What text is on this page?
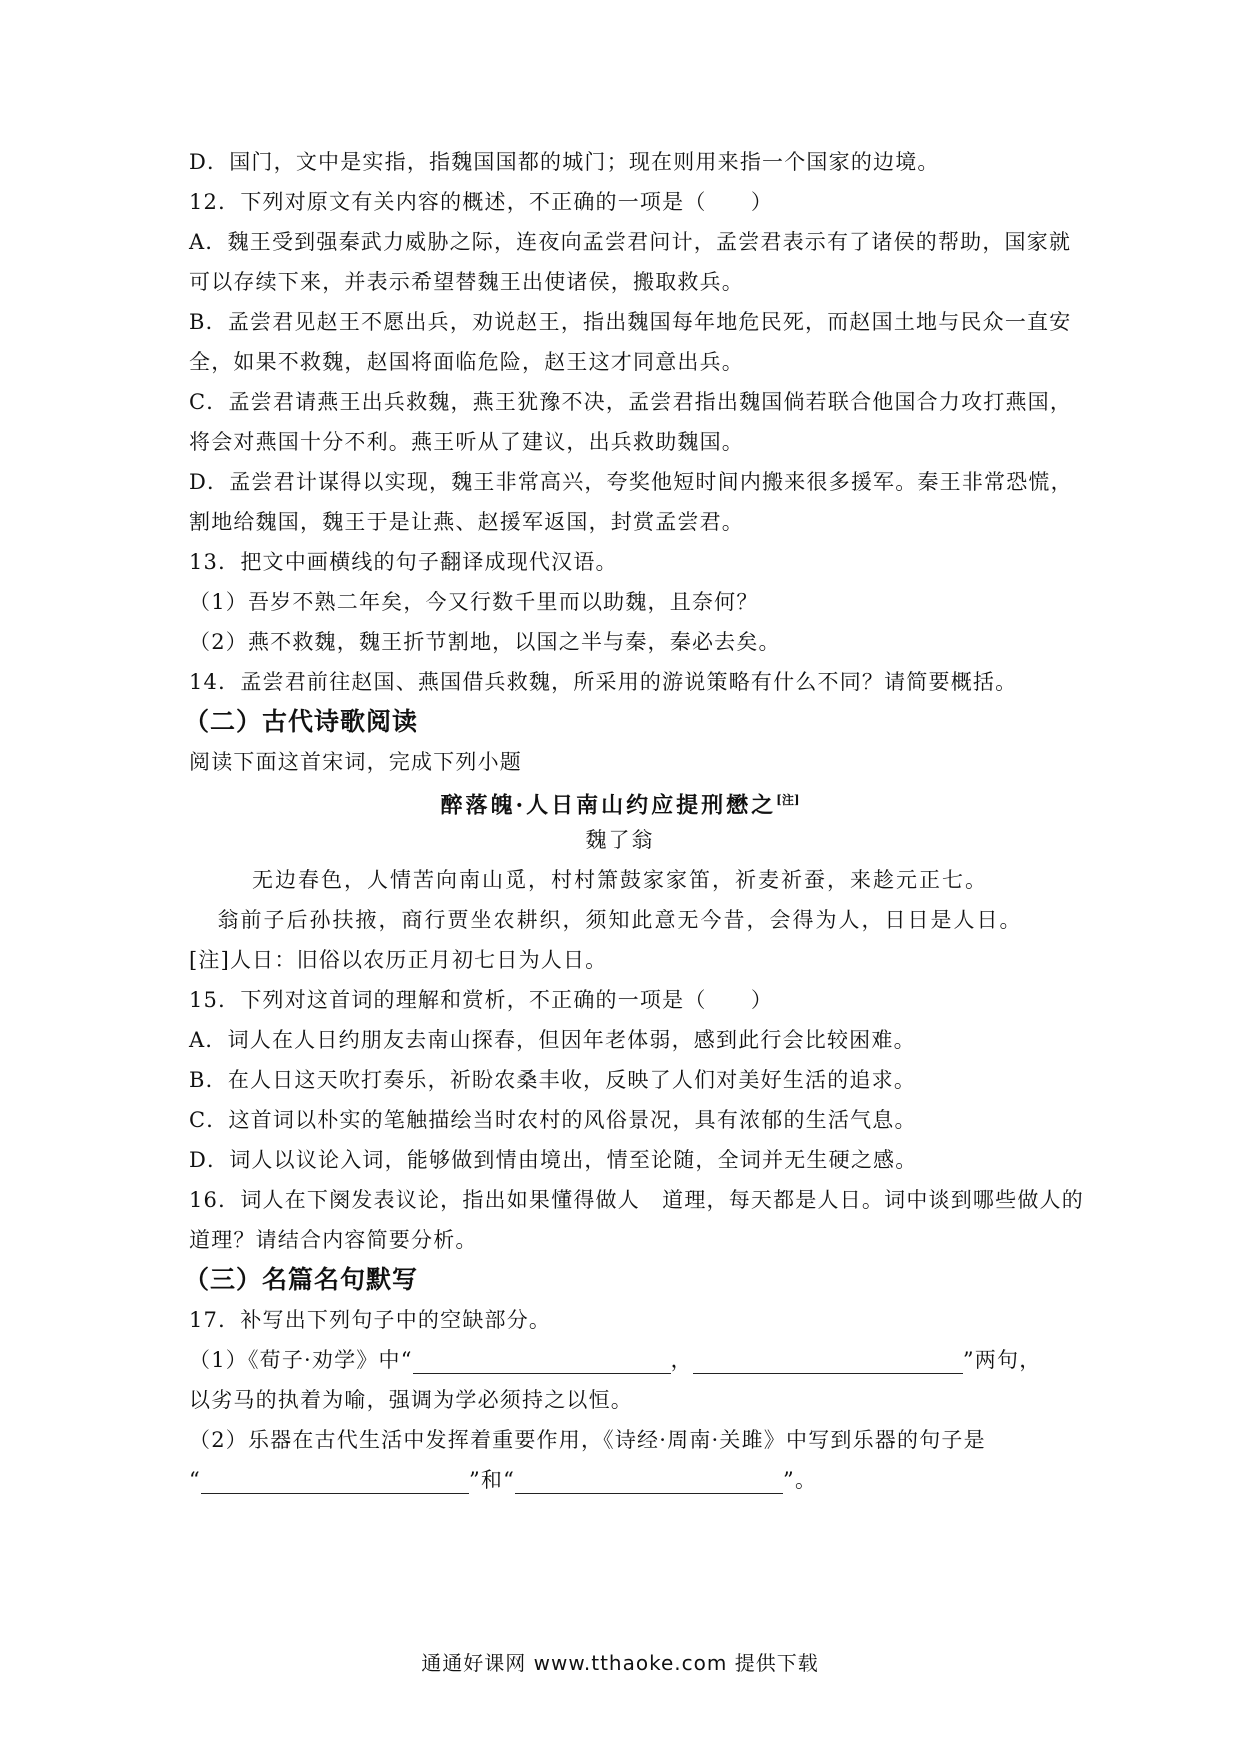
D．国门，文中是实指，指魏国国都的城门；现在则用来指一个国家的边境。
12．下列对原文有关内容的概述，不正确的一项是（　　）
A．魏王受到强秦武力威胁之际，连夜向孟尝君问计，孟尝君表示有了诸侯的帮助，国家就
可以存续下来，并表示希望替魏王出使诸侯，搬取救兵。
B．孟尝君见赵王不愿出兵，劝说赵王，指出魏国每年地危民死，而赵国土地与民众一直安
全，如果不救魏，赵国将面临危险，赵王这才同意出兵。
C．孟尝君请燕王出兵救魏，燕王犹豫不决，孟尝君指出魏国倘若联合他国合力攻打燕国，
将会对燕国十分不利。燕王听从了建议，出兵救助魏国。
D．孟尝君计谋得以实现，魏王非常高兴，夸奖他短时间内搬来很多援军。秦王非常恐慌，
割地给魏国，魏王于是让燕、赵援军返国，封赏孟尝君。
13．把文中画横线的句子翻译成现代汉语。
（1）吾岁不熟二年矣，今又行数千里而以助魏，且奈何？
（2）燕不救魏，魏王折节割地，以国之半与秦，秦必去矣。
14．孟尝君前往赵国、燕国借兵救魏，所采用的游说策略有什么不同？请简要概括。
（二）古代诗歌阅读
阅读下面这首宋词，完成下列小题
醉落魄·人日南山约应提刑懋之[注]
魏了翁
无边春色，人情苦向南山觅，村村箫鼓家家笛，祈麦祈蚕，来趁元正七。
翁前子后孙扶掖，商行贾坐农耕织，须知此意无今昔，会得为人，日日是人日。
[注]人日：旧俗以农历正月初七日为人日。
15．下列对这首词的理解和赏析，不正确的一项是（　　）
A．词人在人日约朋友去南山探春，但因年老体弱，感到此行会比较困难。
B．在人日这天吹打奏乐，祈盼农桑丰收，反映了人们对美好生活的追求。
C．这首词以朴实的笔触描绘当时农村的风俗景况，具有浓郁的生活气息。
D．词人以议论入词，能够做到情由境出，情至论随，全词并无生硬之感。
16．词人在下阕发表议论，指出如果懂得做人　道理，每天都是人日。词中谈到哪些做人的
道理？请结合内容简要分析。
（三）名篇名句默写
17．补写出下列句子中的空缺部分。
（1）《荀子·劝学》中“	，	”两句，
以劣马的执着为喻，强调为学必须持之以恒。
（2）乐器在古代生活中发挥着重要作用，《诗经·周南·关雎》中写到乐器的句子是
“	”和“	”。
通通好课网 www.tthaoke.com 提供下载
